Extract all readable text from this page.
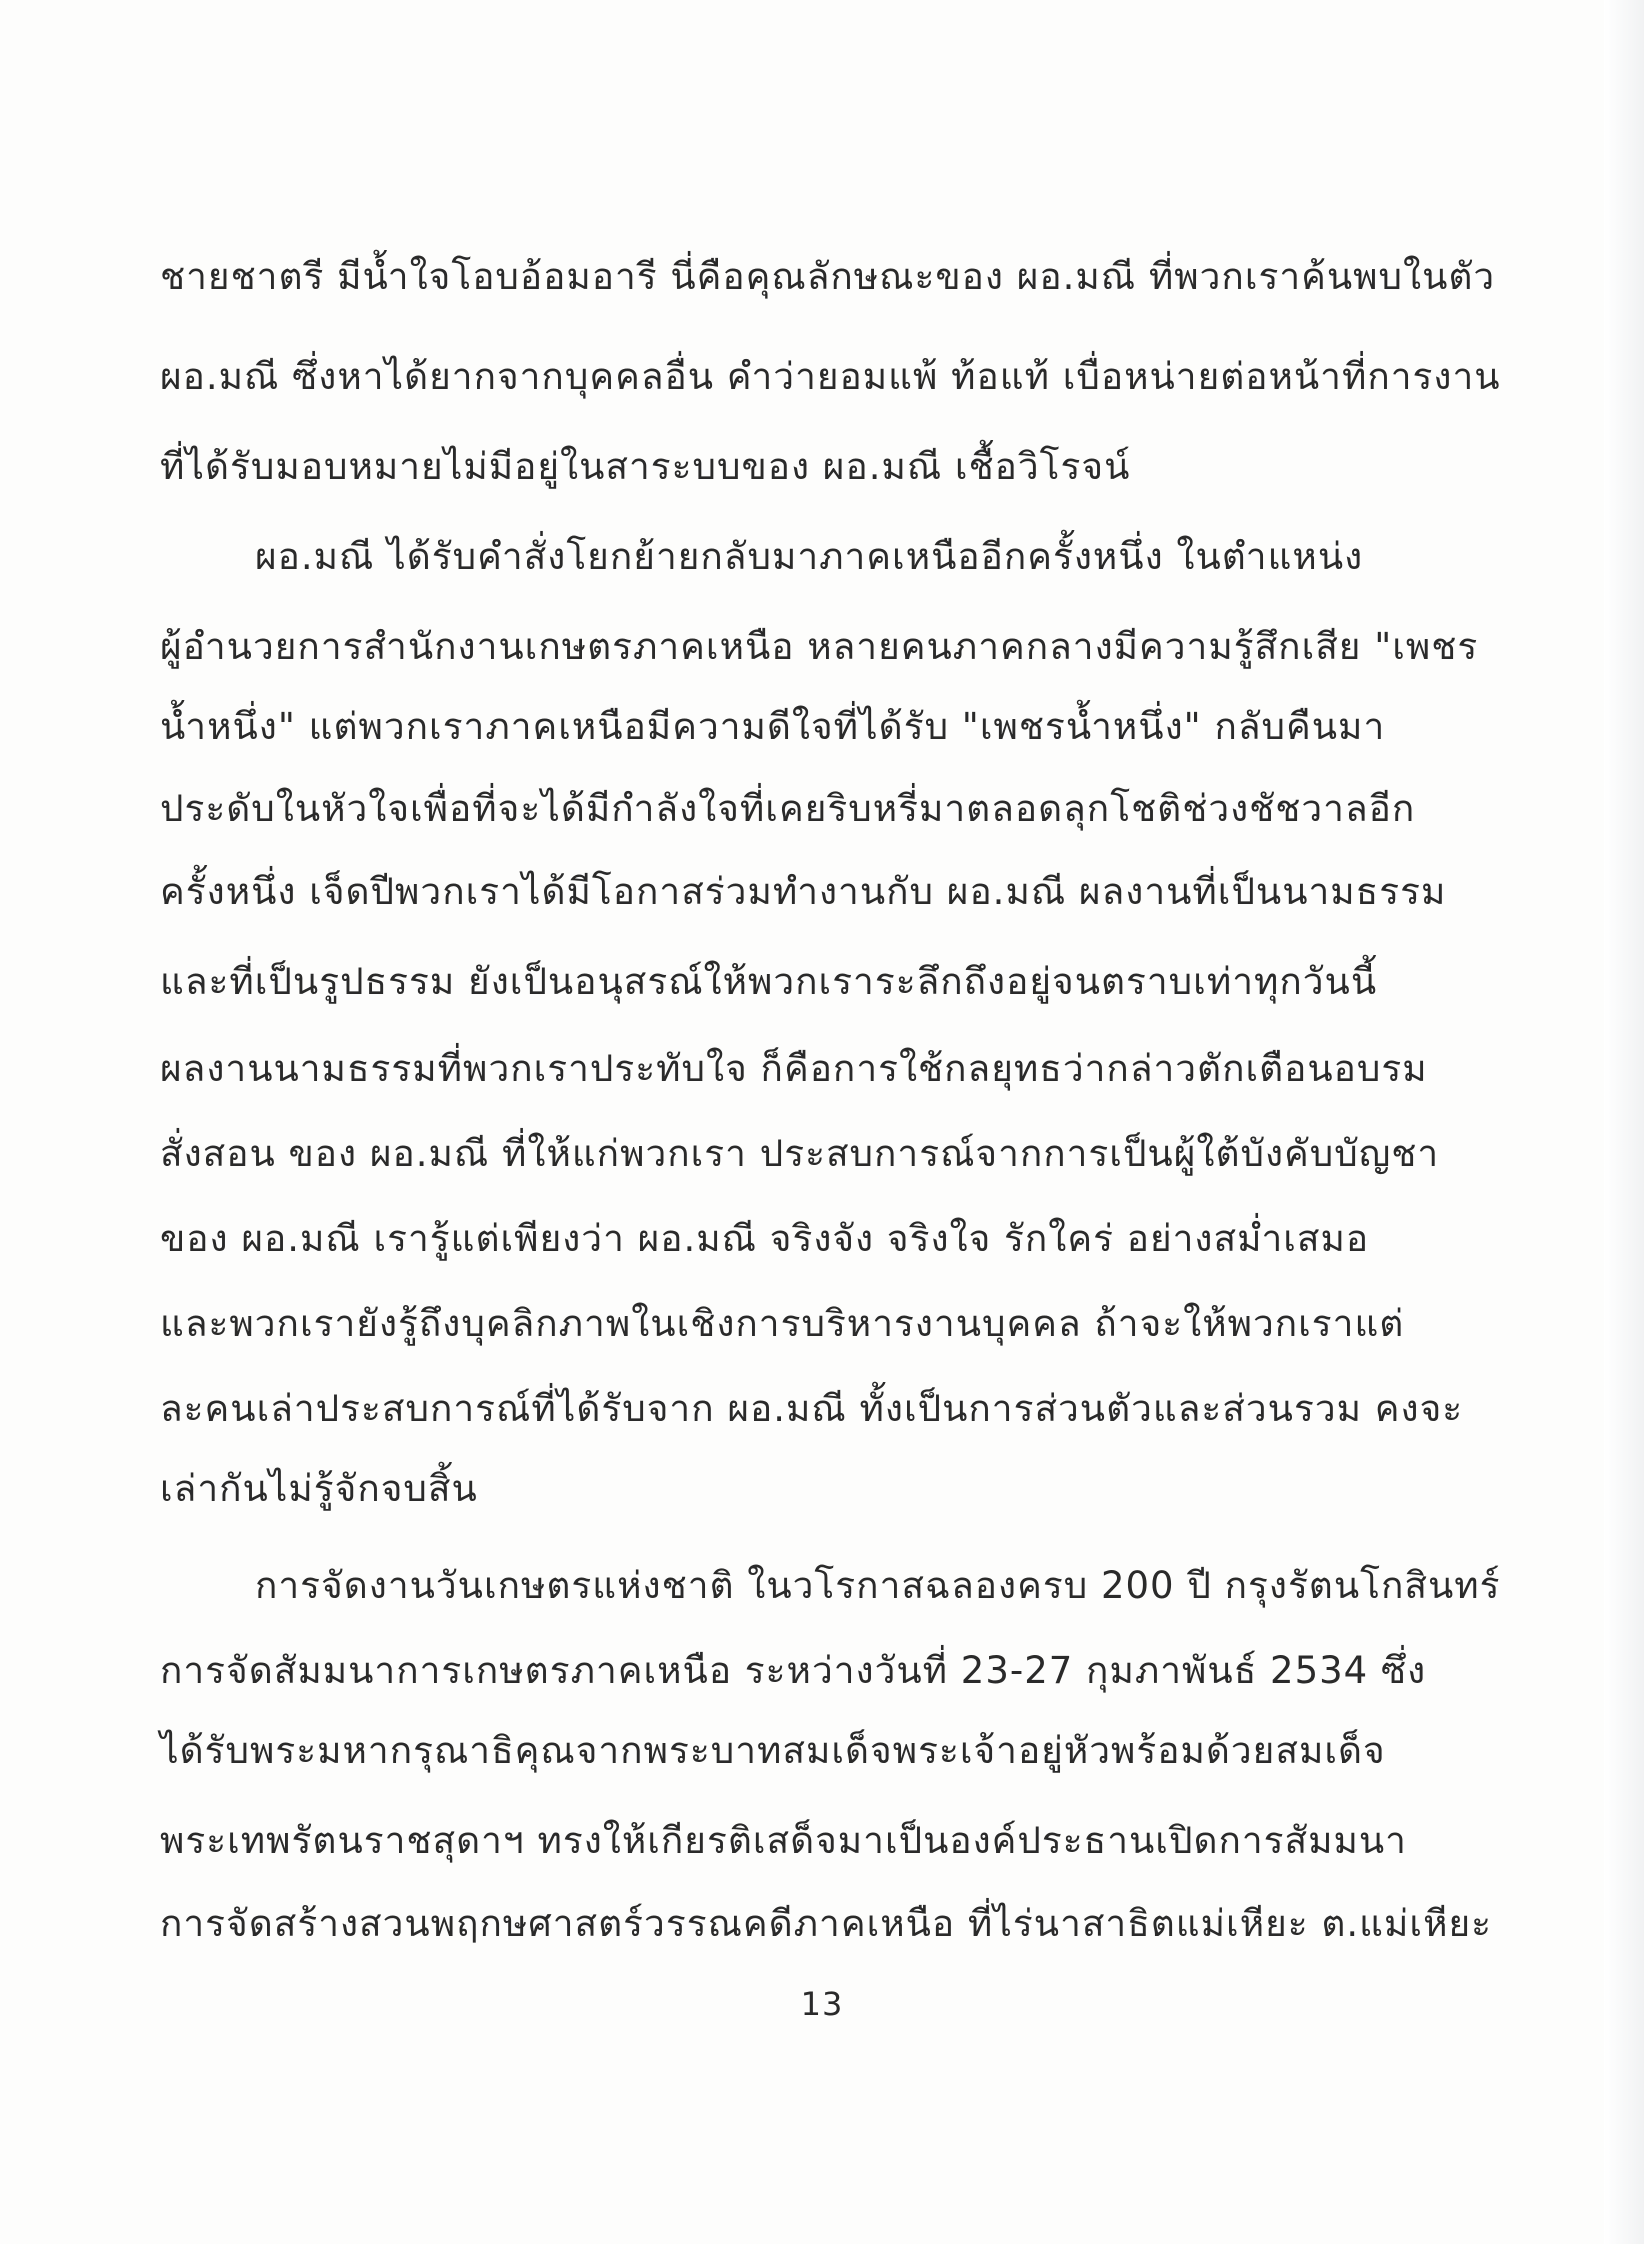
ชายชาตรี มีน้ำใจโอบอ้อมอารี นี่คือคุณลักษณะของ ผอ.มณี ที่พวกเราค้นพบในตัว
ผอ.มณี ซึ่งหาได้ยากจากบุคคลอื่น คำว่ายอมแพ้ ท้อแท้ เบื่อหน่ายต่อหน้าที่การงาน
ที่ได้รับมอบหมายไม่มีอยู่ในสาระบบของ ผอ.มณี เชื้อวิโรจน์
ผอ.มณี ได้รับคำสั่งโยกย้ายกลับมาภาคเหนืออีกครั้งหนึ่ง ในตำแหน่ง
ผู้อำนวยการสำนักงานเกษตรภาคเหนือ หลายคนภาคกลางมีความรู้สึกเสีย "เพชร
น้ำหนึ่ง" แต่พวกเราภาคเหนือมีความดีใจที่ได้รับ "เพชรน้ำหนึ่ง" กลับคืนมา
ประดับในหัวใจเพื่อที่จะได้มีกำลังใจที่เคยริบหรี่มาตลอดลุกโชติช่วงชัชวาลอีก
ครั้งหนึ่ง เจ็ดปีพวกเราได้มีโอกาสร่วมทำงานกับ ผอ.มณี ผลงานที่เป็นนามธรรม
และที่เป็นรูปธรรม ยังเป็นอนุสรณ์ให้พวกเราระลึกถึงอยู่จนตราบเท่าทุกวันนี้
ผลงานนามธรรมที่พวกเราประทับใจ ก็คือการใช้กลยุทธว่ากล่าวตักเตือนอบรม
สั่งสอน ของ ผอ.มณี ที่ให้แก่พวกเรา ประสบการณ์จากการเป็นผู้ใต้บังคับบัญชา
ของ ผอ.มณี เรารู้แต่เพียงว่า ผอ.มณี จริงจัง จริงใจ รักใคร่ อย่างสม่ำเสมอ
และพวกเรายังรู้ถึงบุคลิกภาพในเชิงการบริหารงานบุคคล ถ้าจะให้พวกเราแต่
ละคนเล่าประสบการณ์ที่ได้รับจาก ผอ.มณี ทั้งเป็นการส่วนตัวและส่วนรวม คงจะ
เล่ากันไม่รู้จักจบสิ้น
การจัดงานวันเกษตรแห่งชาติ ในวโรกาสฉลองครบ 200 ปี กรุงรัตนโกสินทร์
การจัดสัมมนาการเกษตรภาคเหนือ ระหว่างวันที่ 23-27 กุมภาพันธ์ 2534 ซึ่ง
ได้รับพระมหากรุณาธิคุณจากพระบาทสมเด็จพระเจ้าอยู่หัวพร้อมด้วยสมเด็จ
พระเทพรัตนราชสุดาฯ ทรงให้เกียรติเสด็จมาเป็นองค์ประธานเปิดการสัมมนา
การจัดสร้างสวนพฤกษศาสตร์วรรณคดีภาคเหนือ ที่ไร่นาสาธิตแม่เหียะ ต.แม่เหียะ
13
